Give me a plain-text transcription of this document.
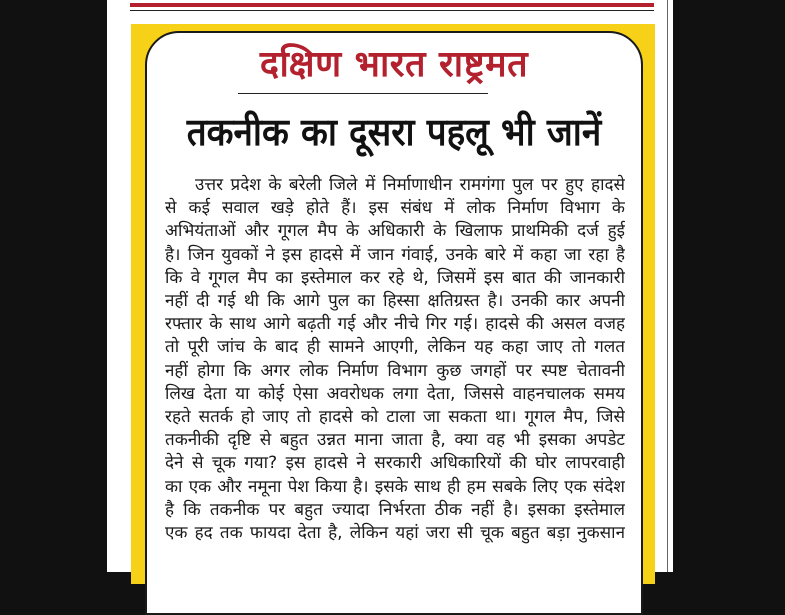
दक्षिण भारत राष्ट्रमत
तकनीक का दूसरा पहलू भी जानें
उत्तर प्रदेश के बरेली जिले में निर्माणाधीन रामगंगा पुल पर हुए हादसे
से कई सवाल खड़े होते हैं। इस संबंध में लोक निर्माण विभाग के
अभियंताओं और गूगल मैप के अधिकारी के खिलाफ प्राथमिकी दर्ज हुई
है। जिन युवकों ने इस हादसे में जान गंवाई, उनके बारे में कहा जा रहा है
कि वे गूगल मैप का इस्तेमाल कर रहे थे, जिसमें इस बात की जानकारी
नहीं दी गई थी कि आगे पुल का हिस्सा क्षतिग्रस्त है। उनकी कार अपनी
रफ्तार के साथ आगे बढ़ती गई और नीचे गिर गई। हादसे की असल वजह
तो पूरी जांच के बाद ही सामने आएगी, लेकिन यह कहा जाए तो गलत
नहीं होगा कि अगर लोक निर्माण विभाग कुछ जगहों पर स्पष्ट चेतावनी
लिख देता या कोई ऐसा अवरोधक लगा देता, जिससे वाहनचालक समय
रहते सतर्क हो जाए तो हादसे को टाला जा सकता था। गूगल मैप, जिसे
तकनीकी दृष्टि से बहुत उन्नत माना जाता है, क्या वह भी इसका अपडेट
देने से चूक गया? इस हादसे ने सरकारी अधिकारियों की घोर लापरवाही
का एक और नमूना पेश किया है। इसके साथ ही हम सबके लिए एक संदेश
है कि तकनीक पर बहुत ज्यादा निर्भरता ठीक नहीं है। इसका इस्तेमाल
एक हद तक फायदा देता है, लेकिन यहां जरा सी चूक बहुत बड़ा नुकसान
